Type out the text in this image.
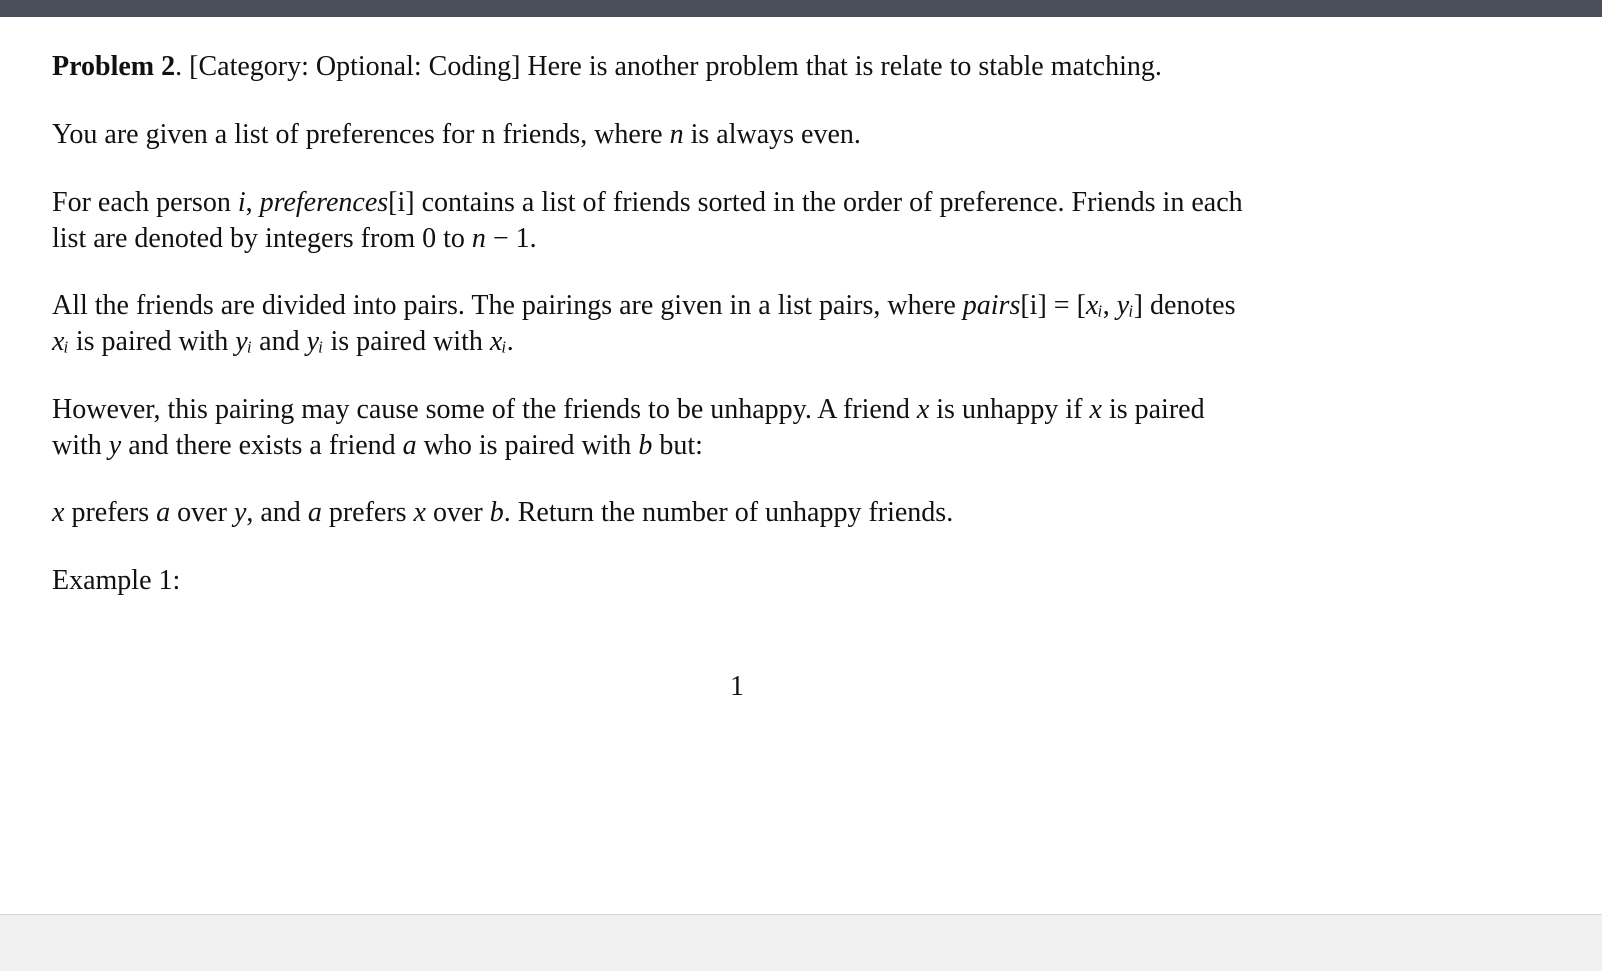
Problem 2. [Category: Optional: Coding] Here is another problem that is relate to stable matching.

You are given a list of preferences for n friends, where n is always even.

For each person i, preferences[i] contains a list of friends sorted in the order of preference. Friends in each
list are denoted by integers from 0 to n − 1.
All the friends are divided into pairs. The pairings are given in a list pairs, where pairs[i] = [xᵢ, yᵢ] denotes
xᵢ is paired with yᵢ and yᵢ is paired with xᵢ.
However, this pairing may cause some of the friends to be unhappy. A friend x is unhappy if x is paired
with y and there exists a friend a who is paired with b but:

x prefers a over y, and a prefers x over b. Return the number of unhappy friends.

Example 1:

1
